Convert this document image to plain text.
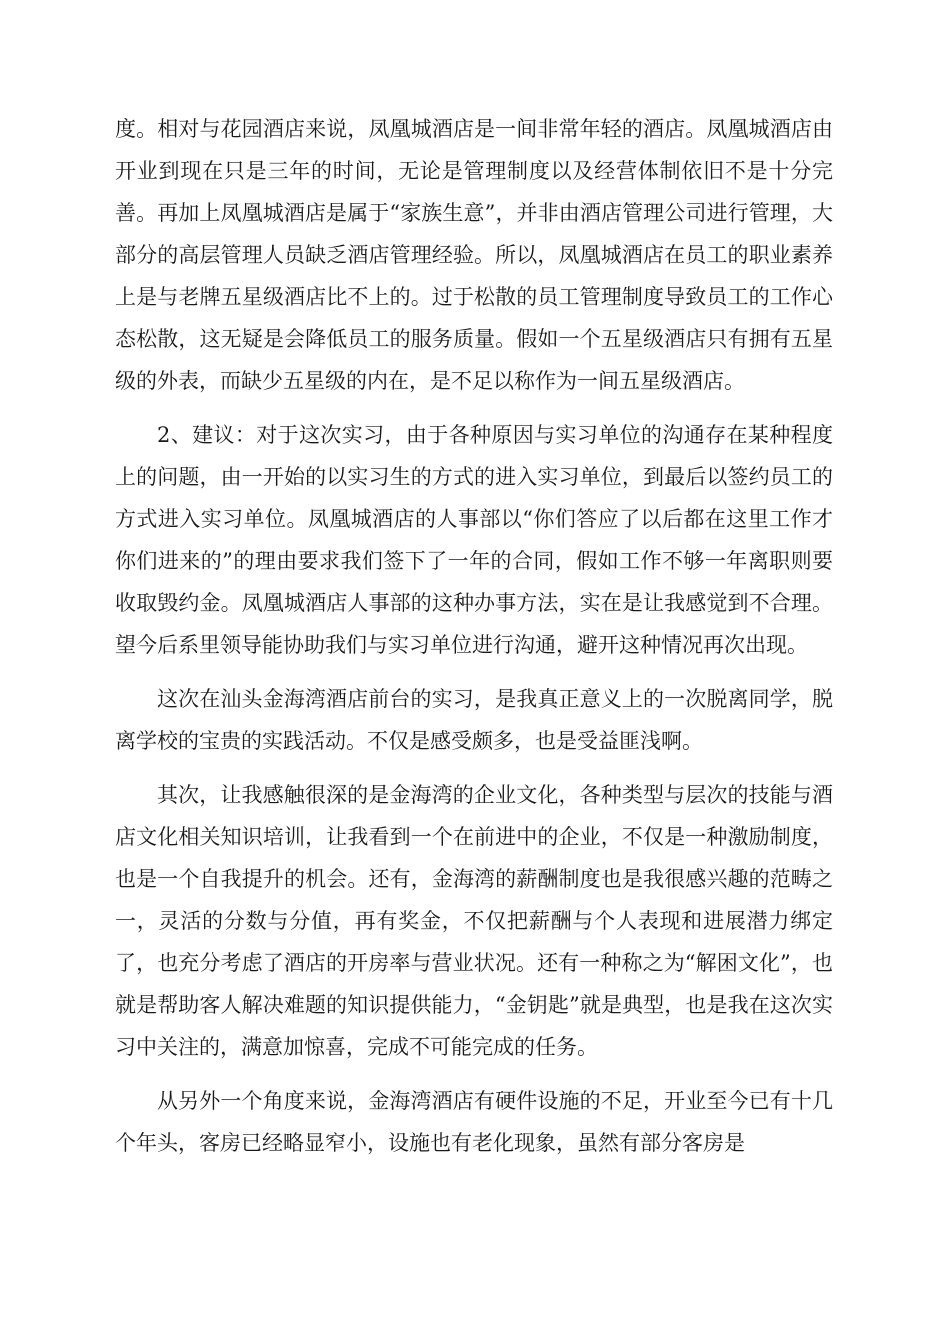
度。相对与花园酒店来说，凤凰城酒店是一间非常年轻的酒店。凤凰城酒店由开业到现在只是三年的时间，无论是管理制度以及经营体制依旧不是十分完善。再加上凤凰城酒店是属于“家族生意”，并非由酒店管理公司进行管理，大部分的高层管理人员缺乏酒店管理经验。所以，凤凰城酒店在员工的职业素养上是与老牌五星级酒店比不上的。过于松散的员工管理制度导致员工的工作心态松散，这无疑是会降低员工的服务质量。假如一个五星级酒店只有拥有五星级的外表，而缺少五星级的内在，是不足以称作为一间五星级酒店。

2、建议：对于这次实习，由于各种原因与实习单位的沟通存在某种程度上的问题，由一开始的以实习生的方式的进入实习单位，到最后以签约员工的方式进入实习单位。凤凰城酒店的人事部以“你们答应了以后都在这里工作才你们进来的”的理由要求我们签下了一年的合同，假如工作不够一年离职则要收取毁约金。凤凰城酒店人事部的这种办事方法，实在是让我感觉到不合理。望今后系里领导能协助我们与实习单位进行沟通，避开这种情况再次出现。

这次在汕头金海湾酒店前台的实习，是我真正意义上的一次脱离同学，脱离学校的宝贵的实践活动。不仅是感受颇多，也是受益匪浅啊。

其次，让我感触很深的是金海湾的企业文化，各种类型与层次的技能与酒店文化相关知识培训，让我看到一个在前进中的企业，不仅是一种激励制度，也是一个自我提升的机会。还有，金海湾的薪酬制度也是我很感兴趣的范畴之一，灵活的分数与分值，再有奖金，不仅把薪酬与个人表现和进展潜力绑定了，也充分考虑了酒店的开房率与营业状况。还有一种称之为“解困文化”，也就是帮助客人解决难题的知识提供能力，“金钥匙”就是典型，也是我在这次实习中关注的，满意加惊喜，完成不可能完成的任务。

从另外一个角度来说，金海湾酒店有硬件设施的不足，开业至今已有十几个年头，客房已经略显窄小，设施也有老化现象，虽然有部分客房是
